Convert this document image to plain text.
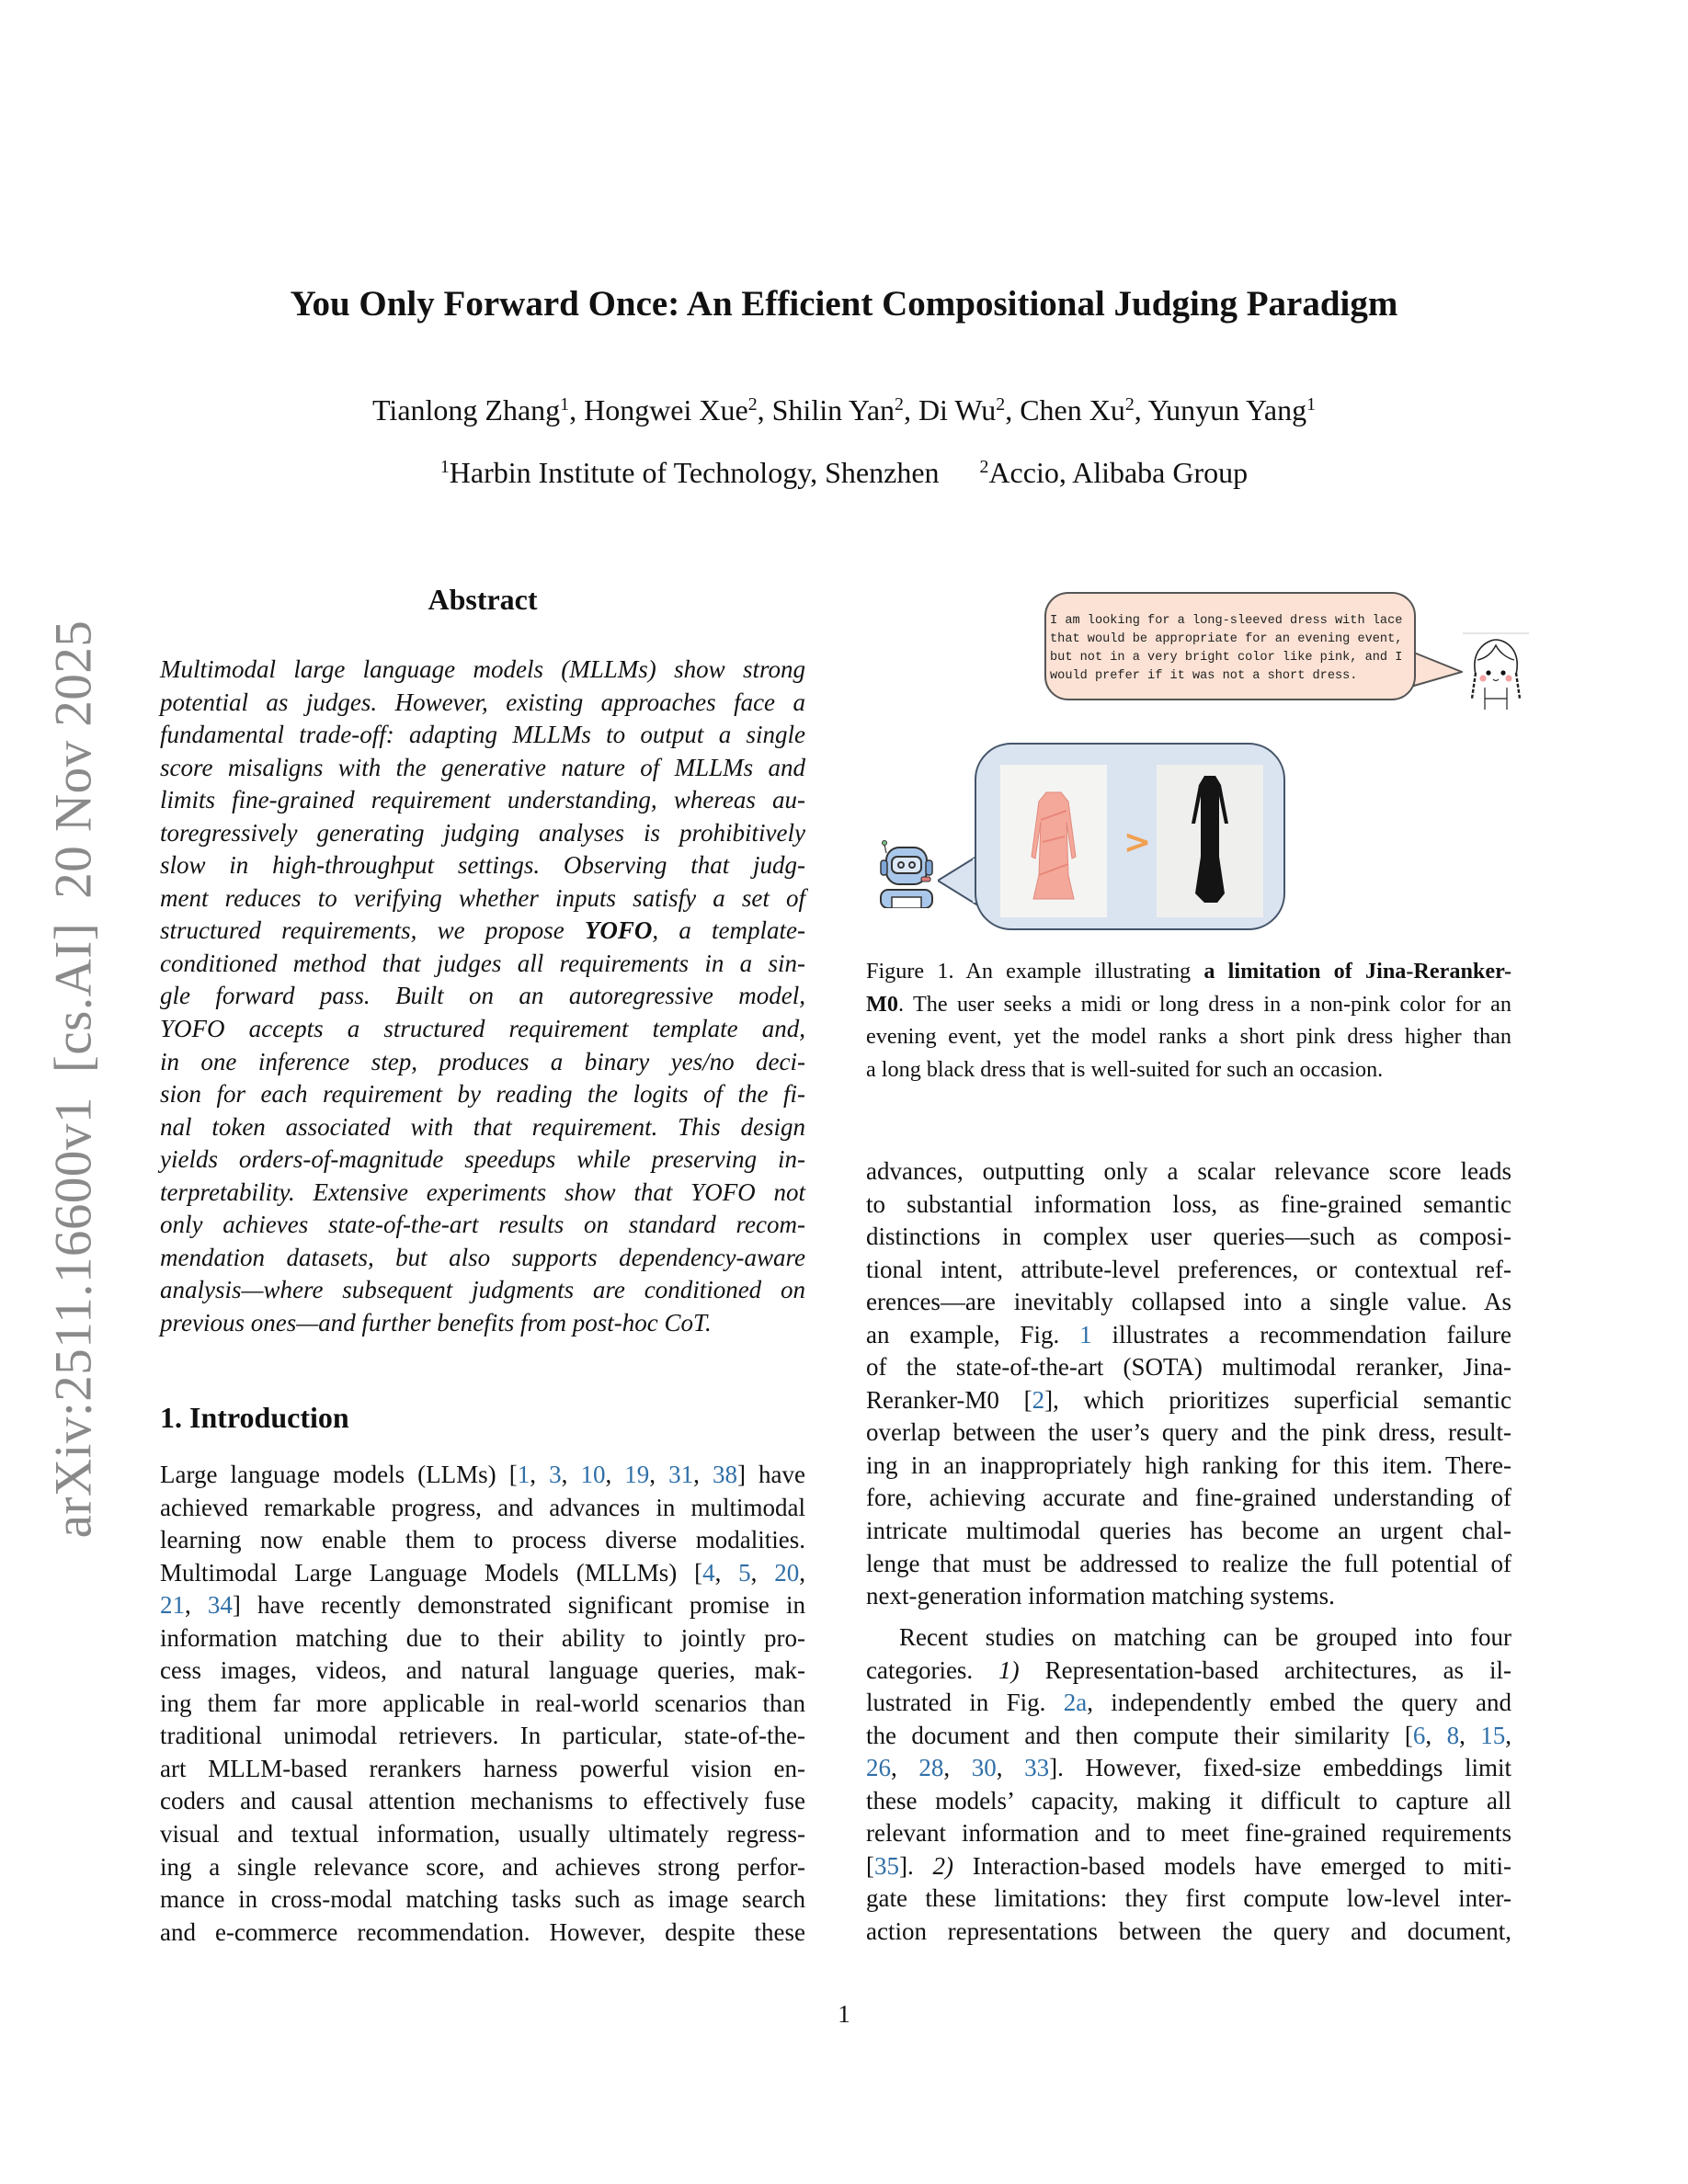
arXiv:2511.16600v1[cs.AI]20 Nov 2025
You Only Forward Once: An Efficient Compositional Judging Paradigm
Tianlong Zhang$^1$, Hongwei Xue$^2$, Shilin Yan$^2$, Di Wu$^2$, Chen Xu$^2$, Yunyun Yang$^1$
$^1$Harbin Institute of Technology, Shenzhen $^2$Accio, Alibaba Group
Abstract
Multimodal large language models (MLLMs) show strong
potential as judges. However, existing approaches face a
fundamental trade-off: adapting MLLMs to output a single
score misaligns with the generative nature of MLLMs and
limits fine-grained requirement understanding, whereas au-
toregressively generating judging analyses is prohibitively
slow in high-throughput settings. Observing that judg-
ment reduces to verifying whether inputs satisfy a set of
structured requirements, we propose YOFO, a template-
conditioned method that judges all requirements in a sin-
gle forward pass. Built on an autoregressive model,
YOFO accepts a structured requirement template and,
in one inference step, produces a binary yes/no deci-
sion for each requirement by reading the logits of the fi-
nal token associated with that requirement. This design
yields orders-of-magnitude speedups while preserving in-
terpretability. Extensive experiments show that YOFO not
only achieves state-of-the-art results on standard recom-
mendation datasets, but also supports dependency-aware
analysis—where subsequent judgments are conditioned on
previous ones—and further benefits from post-hoc CoT.
1. Introduction
Large language models (LLMs) [1, 3, 10, 19, 31, 38] have
achieved remarkable progress, and advances in multimodal
learning now enable them to process diverse modalities.
Multimodal Large Language Models (MLLMs) [4, 5, 20,
21, 34] have recently demonstrated significant promise in
information matching due to their ability to jointly pro-
cess images, videos, and natural language queries, mak-
ing them far more applicable in real-world scenarios than
traditional unimodal retrievers. In particular, state-of-the-
art MLLM-based rerankers harness powerful vision en-
coders and causal attention mechanisms to effectively fuse
visual and textual information, usually ultimately regress-
ing a single relevance score, and achieves strong perfor-
mance in cross-modal matching tasks such as image search
and e-commerce recommendation. However, despite these
advances, outputting only a scalar relevance score leads
to substantial information loss, as fine-grained semantic
distinctions in complex user queries—such as composi-
tional intent, attribute-level preferences, or contextual ref-
erences—are inevitably collapsed into a single value. As
an example, Fig. 1 illustrates a recommendation failure
of the state-of-the-art (SOTA) multimodal reranker, Jina-
Reranker-M0 [2], which prioritizes superficial semantic
overlap between the user’s query and the pink dress, result-
ing in an inappropriately high ranking for this item. There-
fore, achieving accurate and fine-grained understanding of
intricate multimodal queries has become an urgent chal-
lenge that must be addressed to realize the full potential of
next-generation information matching systems.
Recent studies on matching can be grouped into four
categories. 1) Representation-based architectures, as il-
lustrated in Fig. 2a, independently embed the query and
the document and then compute their similarity [6, 8, 15,
26, 28, 30, 33]. However, fixed-size embeddings limit
these models’ capacity, making it difficult to capture all
relevant information and to meet fine-grained requirements
[35]. 2) Interaction-based models have emerged to miti-
gate these limitations: they first compute low-level inter-
action representations between the query and document,
I am looking for a long-sleeved dress with lace
that would be appropriate for an evening event,
but not in a very bright color like pink, and I
would prefer if it was not a short dress.
>
Figure 1. An example illustrating a limitation of Jina-Reranker-
M0. The user seeks a midi or long dress in a non-pink color for an
evening event, yet the model ranks a short pink dress higher than
a long black dress that is well-suited for such an occasion.
1
